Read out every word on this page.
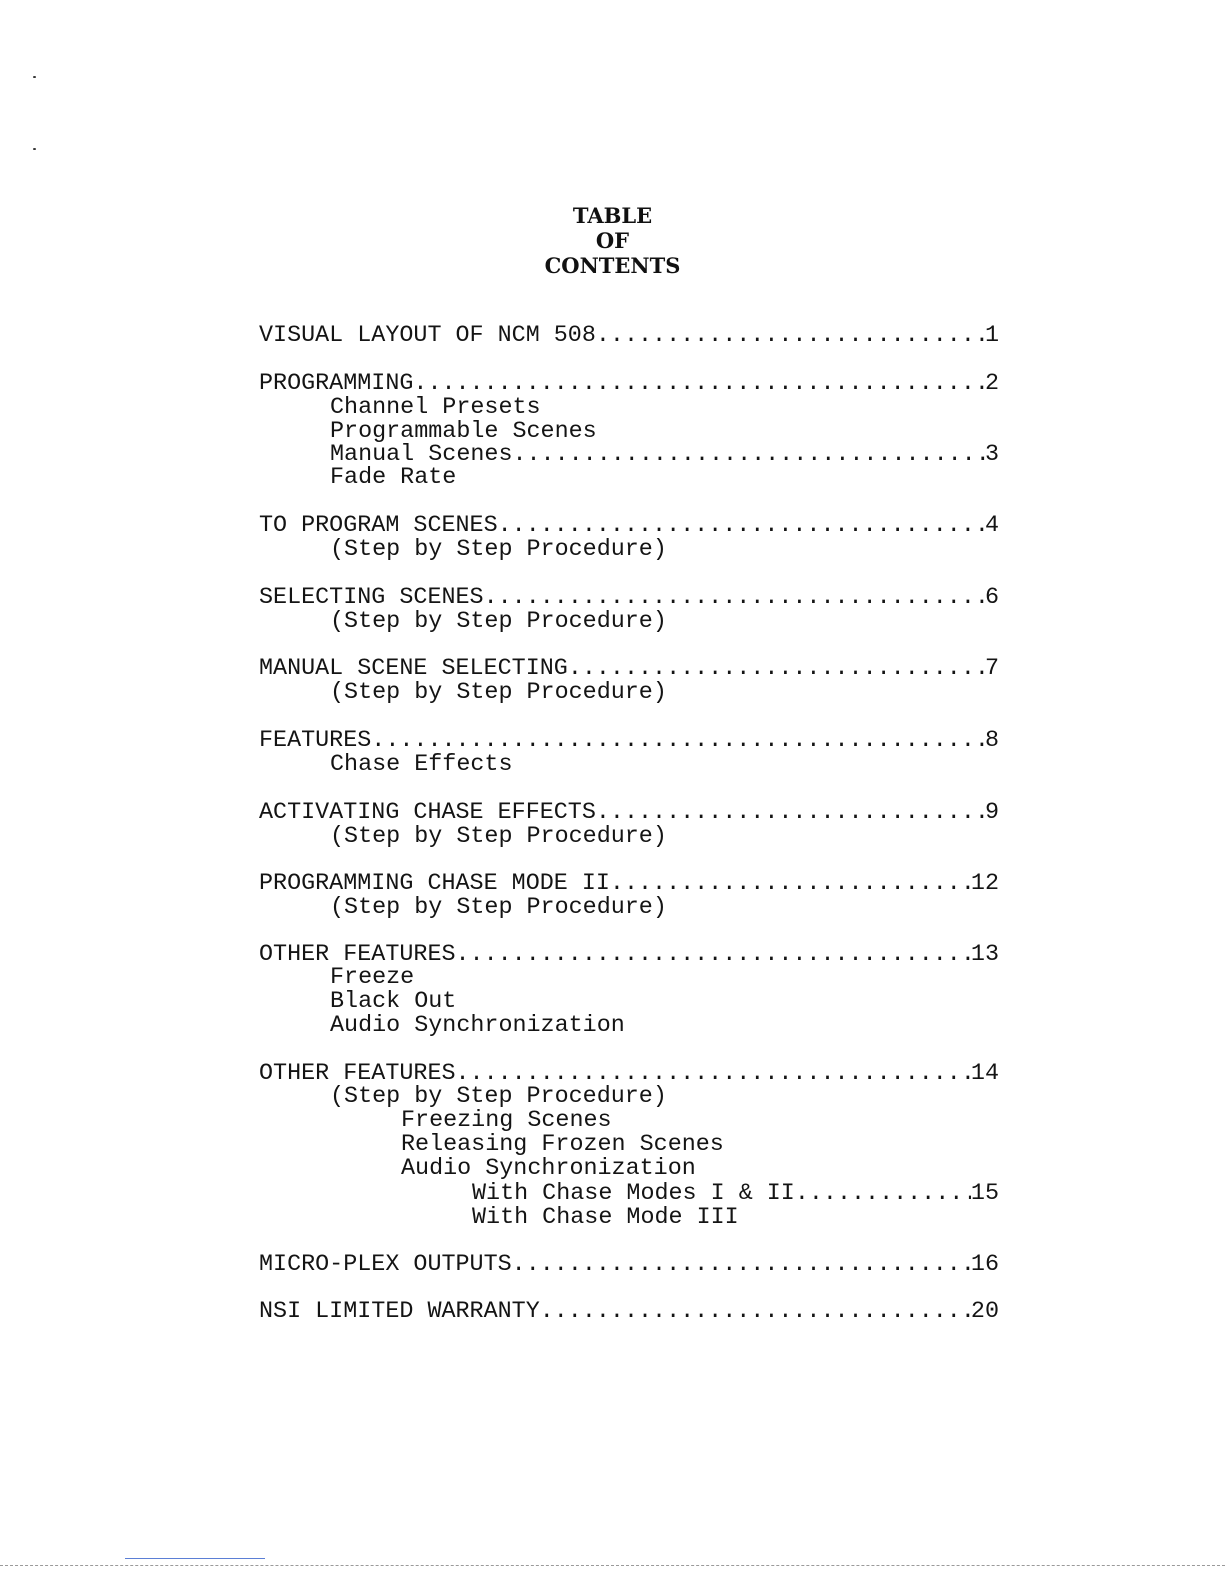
TABLE
OF
CONTENTS

VISUAL LAYOUT OF NCM 508 .....	1

PROGRAMMING .....	2

Channel Presets

Programmable Scenes

Manual Scenes .....	3

Fade Rate

TO PROGRAM SCENES .....	4

(Step by Step Procedure)

SELECTING SCENES .....	6

(Step by Step Procedure)

MANUAL SCENE SELECTING .....	7

(Step by Step Procedure)

FEATURES .....	8

Chase Effects

ACTIVATING CHASE EFFECTS .....	9

(Step by Step Procedure)

PROGRAMMING CHASE MODE II .....	12

(Step by Step Procedure)

OTHER FEATURES .....	13

Freeze

Black Out

Audio Synchronization

OTHER FEATURES .....	14

(Step by Step Procedure)

Freezing Scenes

Releasing Frozen Scenes

Audio Synchronization

With Chase Modes I & II .....	15

With Chase Mode III

MICRO-PLEX OUTPUTS .....	16

NSI LIMITED WARRANTY .....	20
